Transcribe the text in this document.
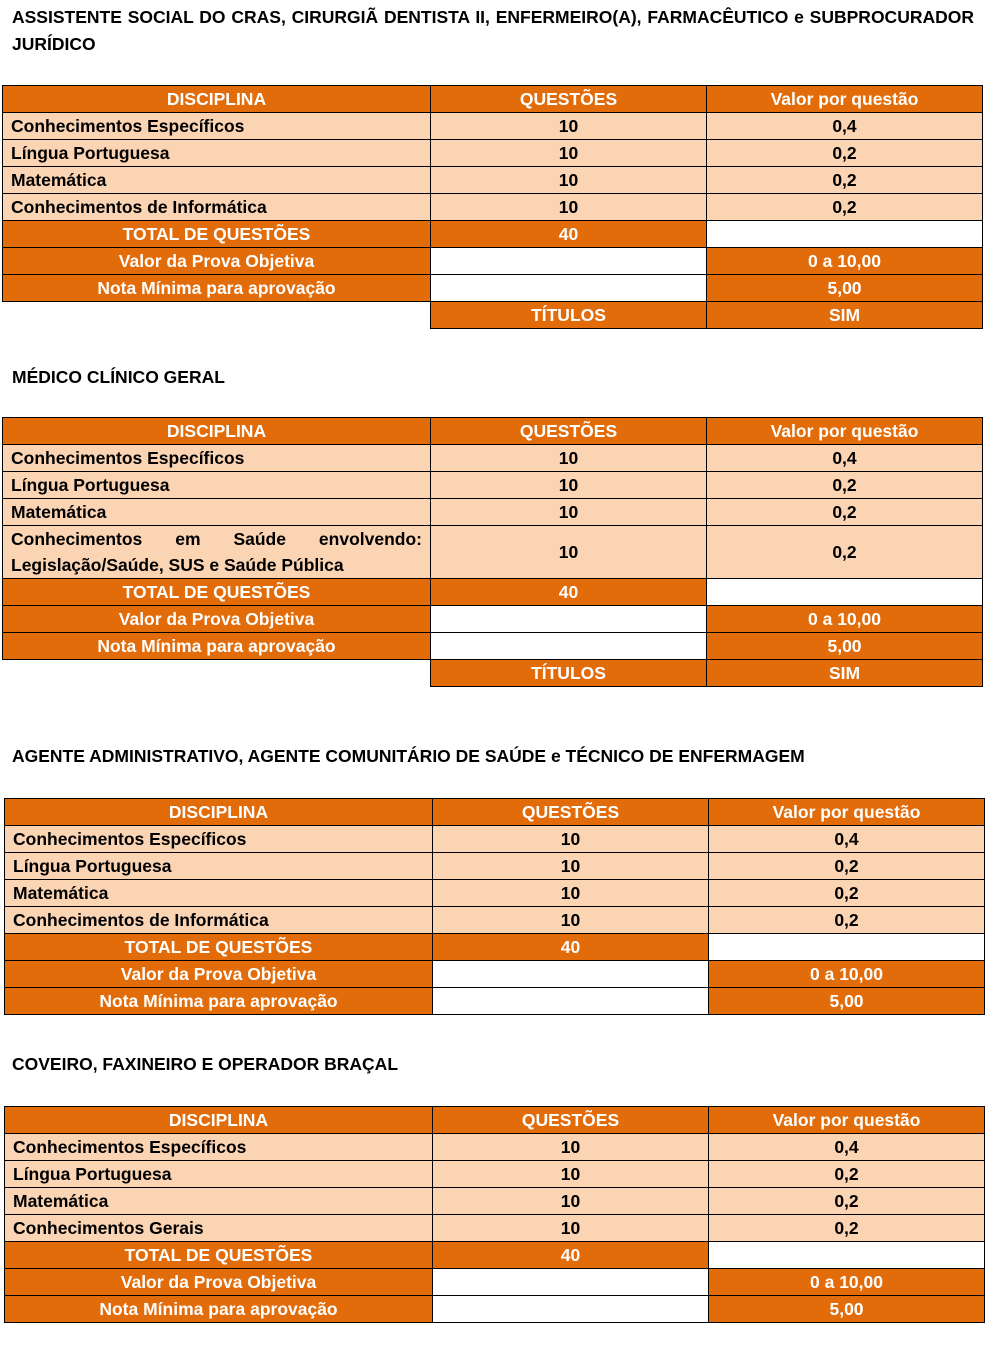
ASSISTENTE SOCIAL DO CRAS, CIRURGIÃ DENTISTA II, ENFERMEIRO(A), FARMACÊUTICO e SUBPROCURADOR JURÍDICO

DISCIPLINA	QUESTÕES	Valor por questão
Conhecimentos Específicos	10	0,4
Língua Portuguesa	10	0,2
Matemática	10	0,2
Conhecimentos de Informática	10	0,2
TOTAL DE QUESTÕES	40	
Valor da Prova Objetiva		0 a 10,00
Nota Mínima para aprovação		5,00
	TÍTULOS	SIM

MÉDICO CLÍNICO GERAL

DISCIPLINA	QUESTÕES	Valor por questão
Conhecimentos Específicos	10	0,4
Língua Portuguesa	10	0,2
Matemática	10	0,2
Conhecimentos em Saúde envolvendo: Legislação/Saúde, SUS e Saúde Pública	10	0,2
TOTAL DE QUESTÕES	40	
Valor da Prova Objetiva		0 a 10,00
Nota Mínima para aprovação		5,00
	TÍTULOS	SIM

AGENTE ADMINISTRATIVO, AGENTE COMUNITÁRIO DE SAÚDE e TÉCNICO DE ENFERMAGEM

DISCIPLINA	QUESTÕES	Valor por questão
Conhecimentos Específicos	10	0,4
Língua Portuguesa	10	0,2
Matemática	10	0,2
Conhecimentos de Informática	10	0,2
TOTAL DE QUESTÕES	40	
Valor da Prova Objetiva		0 a 10,00
Nota Mínima para aprovação		5,00

COVEIRO, FAXINEIRO E OPERADOR BRAÇAL

DISCIPLINA	QUESTÕES	Valor por questão
Conhecimentos Específicos	10	0,4
Língua Portuguesa	10	0,2
Matemática	10	0,2
Conhecimentos Gerais	10	0,2
TOTAL DE QUESTÕES	40	
Valor da Prova Objetiva		0 a 10,00
Nota Mínima para aprovação		5,00
